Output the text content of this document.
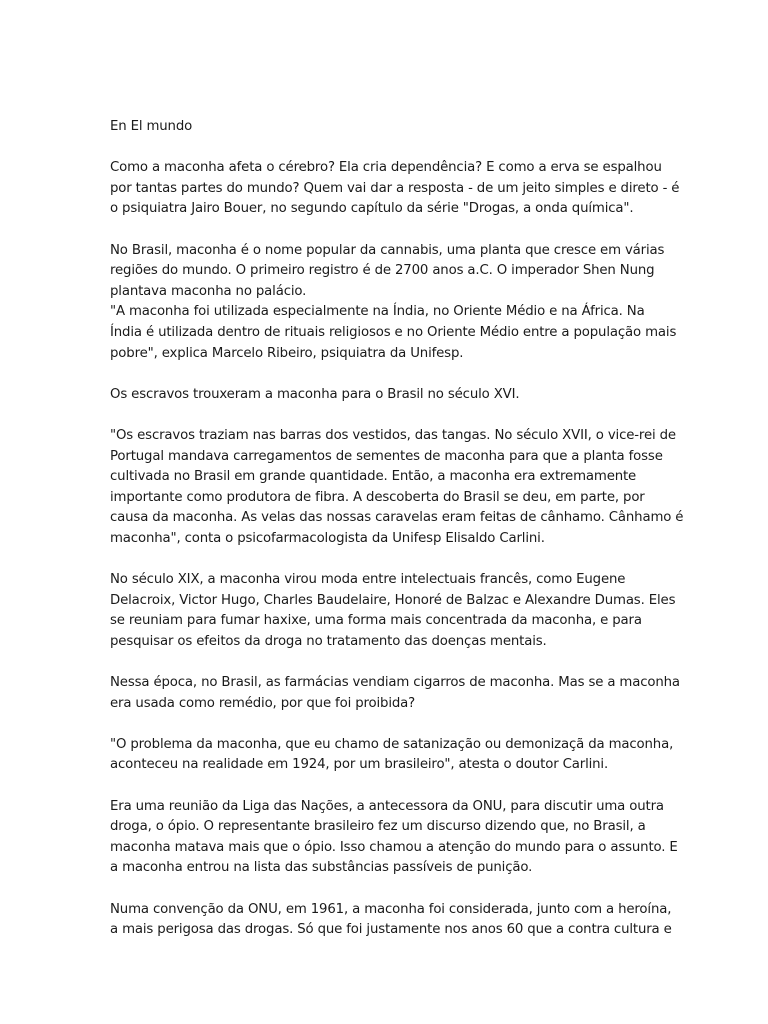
En El mundo

Como a maconha afeta o cérebro? Ela cria dependência? E como a erva se espalhou
por tantas partes do mundo? Quem vai dar a resposta - de um jeito simples e direto - é
o psiquiatra Jairo Bouer, no segundo capítulo da série "Drogas, a onda química".

No Brasil, maconha é o nome popular da cannabis, uma planta que cresce em várias
regiões do mundo. O primeiro registro é de 2700 anos a.C. O imperador Shen Nung
plantava maconha no palácio.
"A maconha foi utilizada especialmente na Índia, no Oriente Médio e na África. Na
Índia é utilizada dentro de rituais religiosos e no Oriente Médio entre a população mais
pobre", explica Marcelo Ribeiro, psiquiatra da Unifesp.

Os escravos trouxeram a maconha para o Brasil no século XVI.

"Os escravos traziam nas barras dos vestidos, das tangas. No século XVII, o vice-rei de
Portugal mandava carregamentos de sementes de maconha para que a planta fosse
cultivada no Brasil em grande quantidade. Então, a maconha era extremamente
importante como produtora de fibra. A descoberta do Brasil se deu, em parte, por
causa da maconha. As velas das nossas caravelas eram feitas de cânhamo. Cânhamo é
maconha", conta o psicofarmacologista da Unifesp Elisaldo Carlini.

No século XIX, a maconha virou moda entre intelectuais francês, como Eugene
Delacroix, Victor Hugo, Charles Baudelaire, Honoré de Balzac e Alexandre Dumas. Eles
se reuniam para fumar haxixe, uma forma mais concentrada da maconha, e para
pesquisar os efeitos da droga no tratamento das doenças mentais.

Nessa época, no Brasil, as farmácias vendiam cigarros de maconha. Mas se a maconha
era usada como remédio, por que foi proibida?

"O problema da maconha, que eu chamo de satanização ou demonizaçã da maconha,
aconteceu na realidade em 1924, por um brasileiro", atesta o doutor Carlini.

Era uma reunião da Liga das Nações, a antecessora da ONU, para discutir uma outra
droga, o ópio. O representante brasileiro fez um discurso dizendo que, no Brasil, a
maconha matava mais que o ópio. Isso chamou a atenção do mundo para o assunto. E
a maconha entrou na lista das substâncias passíveis de punição.

Numa convenção da ONU, em 1961, a maconha foi considerada, junto com a heroína,
a mais perigosa das drogas. Só que foi justamente nos anos 60 que a contra cultura e
